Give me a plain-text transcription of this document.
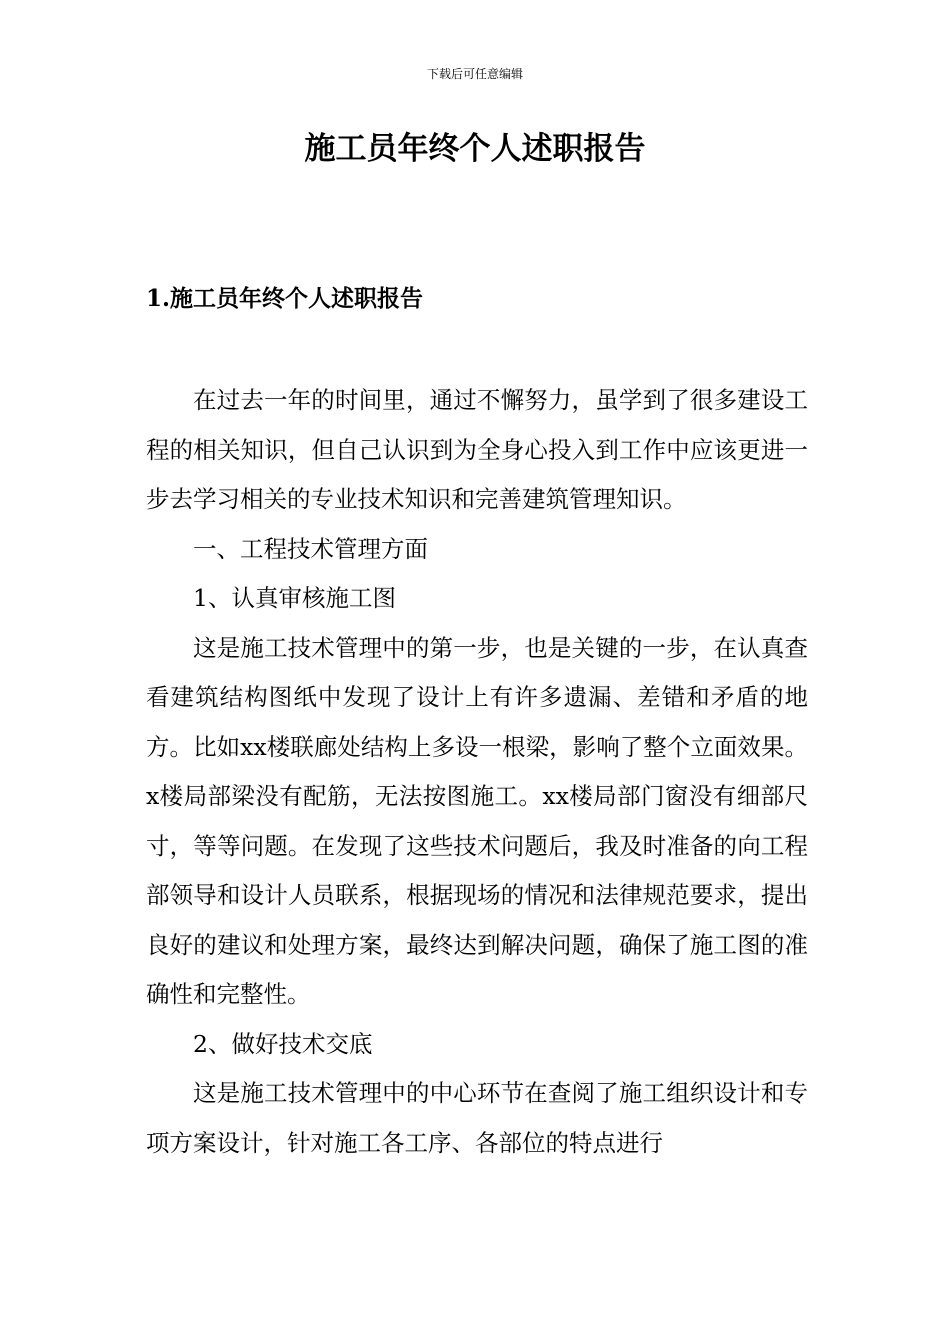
下载后可任意编辑
施工员年终个人述职报告
1.施工员年终个人述职报告

在过去一年的时间里，通过不懈努力，虽学到了很多建设工程的相关知识，但自己认识到为全身心投入到工作中应该更进一步去学习相关的专业技术知识和完善建筑管理知识。

一、工程技术管理方面

1、认真审核施工图

这是施工技术管理中的第一步，也是关键的一步，在认真查看建筑结构图纸中发现了设计上有许多遗漏、差错和矛盾的地方。比如xx楼联廊处结构上多设一根梁，影响了整个立面效果。x楼局部梁没有配筋，无法按图施工。xx楼局部门窗没有细部尺寸，等等问题。在发现了这些技术问题后，我及时准备的向工程部领导和设计人员联系，根据现场的情况和法律规范要求，提出良好的建议和处理方案，最终达到解决问题，确保了施工图的准确性和完整性。

2、做好技术交底

这是施工技术管理中的中心环节在查阅了施工组织设计和专项方案设计，针对施工各工序、各部位的特点进行
